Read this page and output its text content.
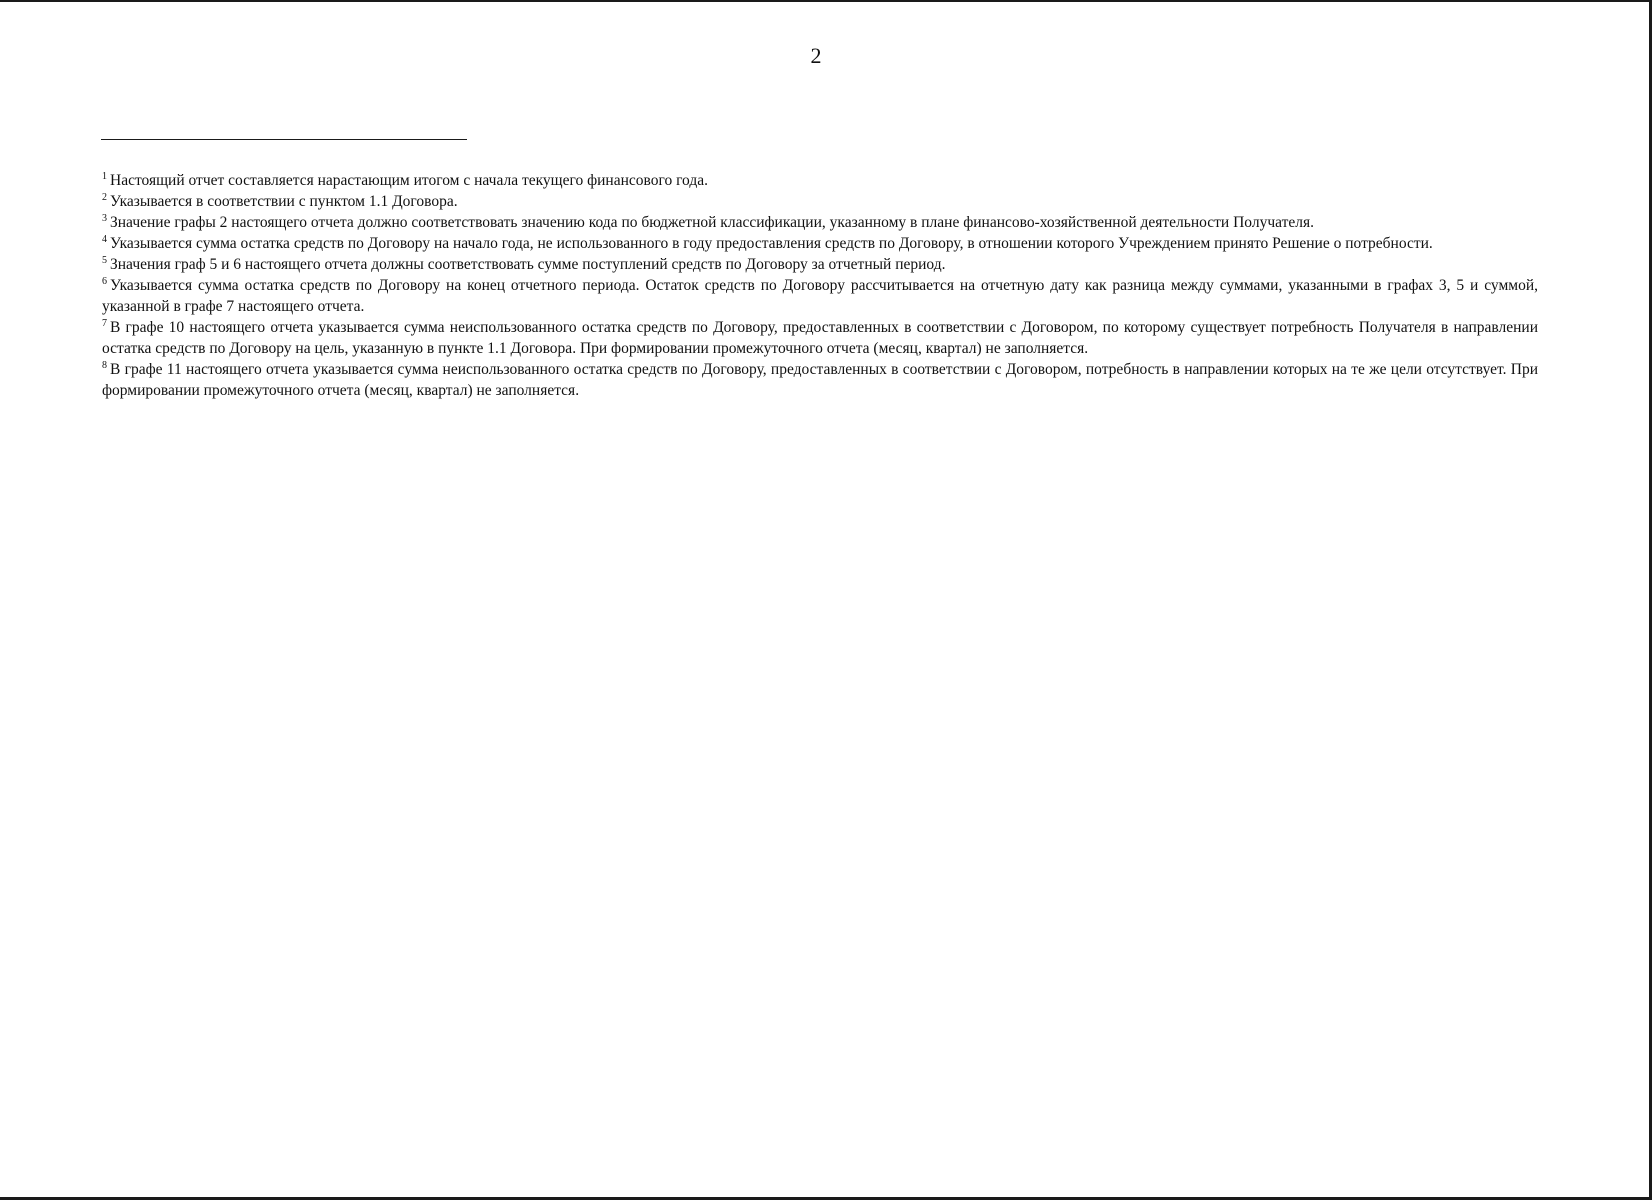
2

$^1$ Настоящий отчет составляется нарастающим итогом с начала текущего финансового года.

$^2$ Указывается в соответствии с пунктом 1.1 Договора.

$^3$ Значение графы 2 настоящего отчета должно соответствовать значению кода по бюджетной классификации, указанному в плане финансово-хозяйственной деятельности Получателя.

$^4$ Указывается сумма остатка средств по Договору на начало года, не использованного в году предоставления средств по Договору, в отношении которого Учреждением принято Решение о потребности.

$^5$ Значения граф 5 и 6 настоящего отчета должны соответствовать сумме поступлений средств по Договору за отчетный период.

$^6$ Указывается сумма остатка средств по Договору на конец отчетного периода. Остаток средств по Договору рассчитывается на отчетную дату как разница между суммами, указанными в графах 3, 5 и суммой, указанной в графе 7 настоящего отчета.

$^7$ В графе 10 настоящего отчета указывается сумма неиспользованного остатка средств по Договору, предоставленных в соответствии с Договором, по которому существует потребность Получателя в направлении остатка средств по Договору на цель, указанную в пункте 1.1 Договора. При формировании промежуточного отчета (месяц, квартал) не заполняется.

$^8$ В графе 11 настоящего отчета указывается сумма неиспользованного остатка средств по Договору, предоставленных в соответствии с Договором, потребность в направлении которых на те же цели отсутствует. При формировании промежуточного отчета (месяц, квартал) не заполняется.
